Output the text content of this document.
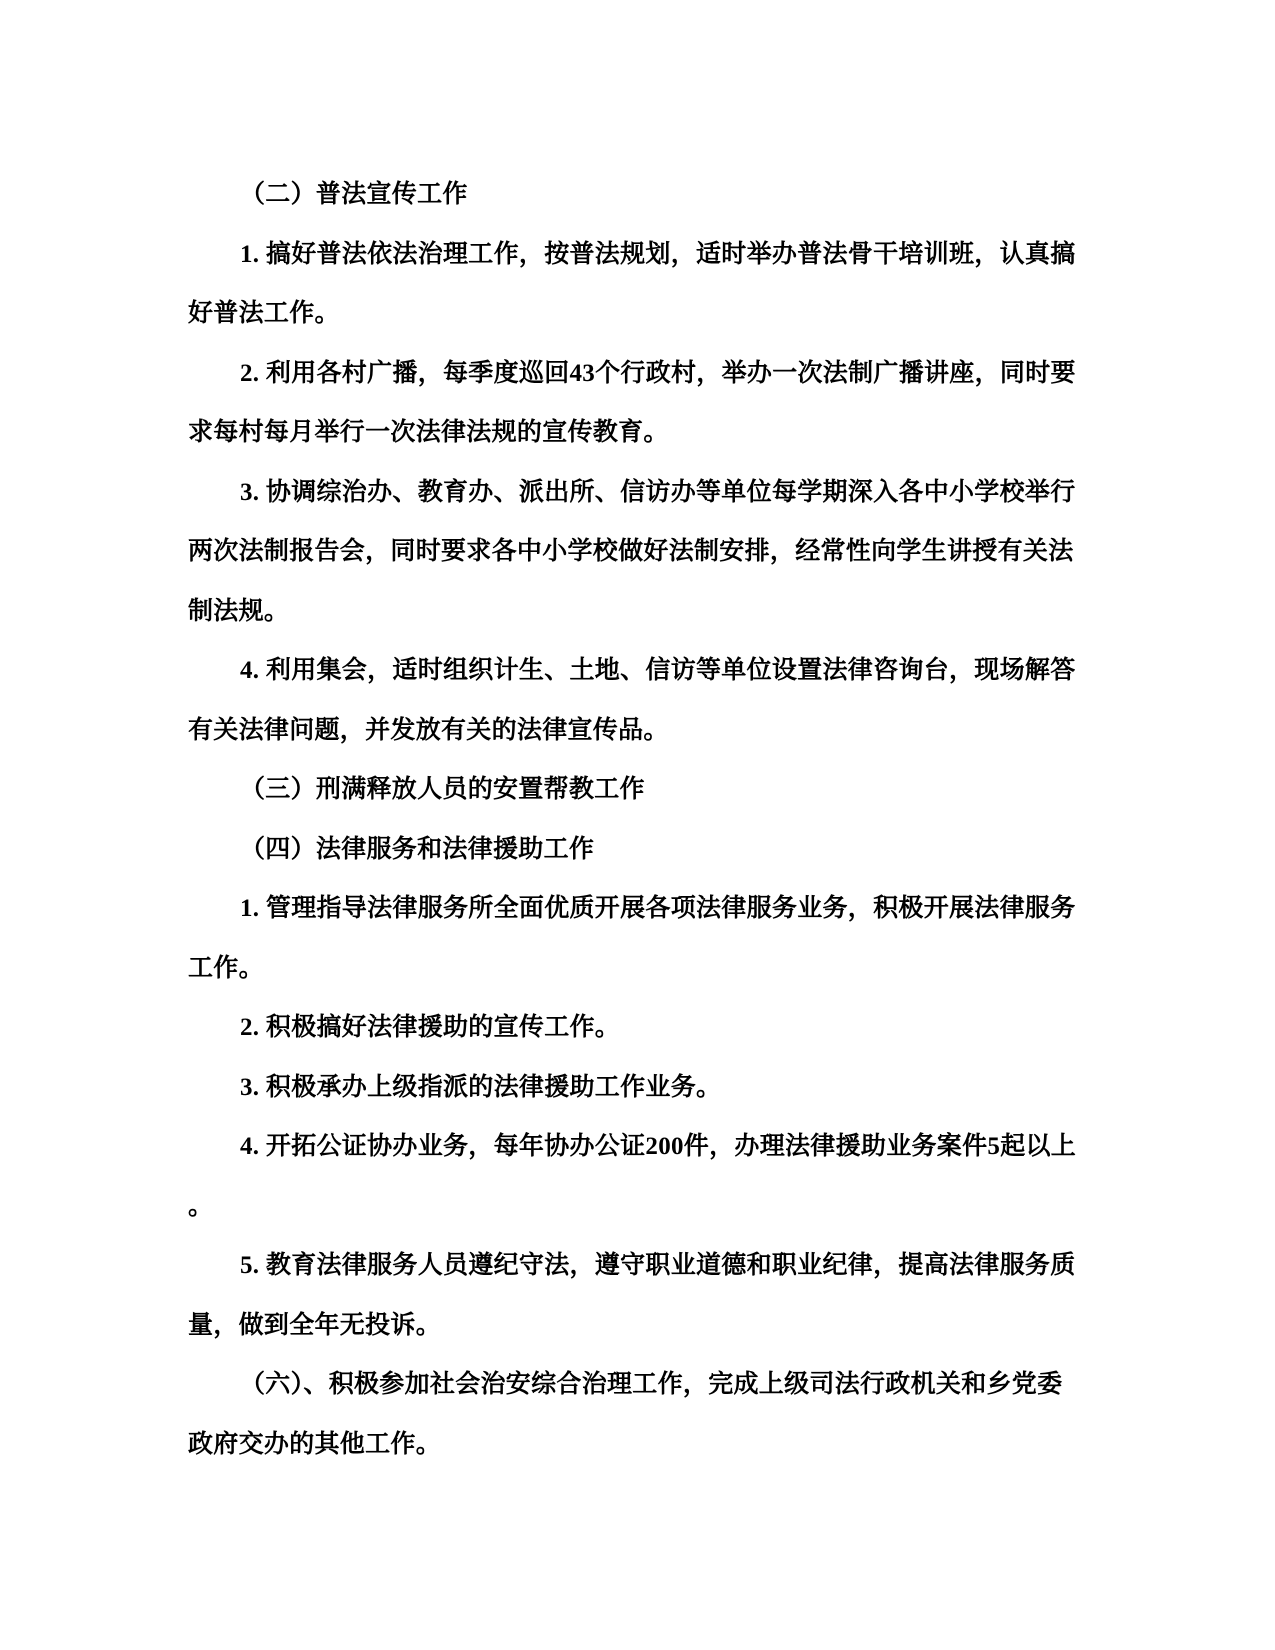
（二）普法宣传工作
1. 搞好普法依法治理工作，按普法规划，适时举办普法骨干培训班，认真搞
好普法工作。
2. 利用各村广播，每季度巡回43个行政村，举办一次法制广播讲座，同时要
求每村每月举行一次法律法规的宣传教育。
3. 协调综治办、教育办、派出所、信访办等单位每学期深入各中小学校举行
两次法制报告会，同时要求各中小学校做好法制安排，经常性向学生讲授有关法
制法规。
4. 利用集会，适时组织计生、土地、信访等单位设置法律咨询台，现场解答
有关法律问题，并发放有关的法律宣传品。
（三）刑满释放人员的安置帮教工作
（四）法律服务和法律援助工作
1. 管理指导法律服务所全面优质开展各项法律服务业务，积极开展法律服务
工作。
2. 积极搞好法律援助的宣传工作。
3. 积极承办上级指派的法律援助工作业务。
4. 开拓公证协办业务，每年协办公证200件，办理法律援助业务案件5起以上
。
5. 教育法律服务人员遵纪守法，遵守职业道德和职业纪律，提高法律服务质
量，做到全年无投诉。
（六）、积极参加社会治安综合治理工作，完成上级司法行政机关和乡党委
政府交办的其他工作。
